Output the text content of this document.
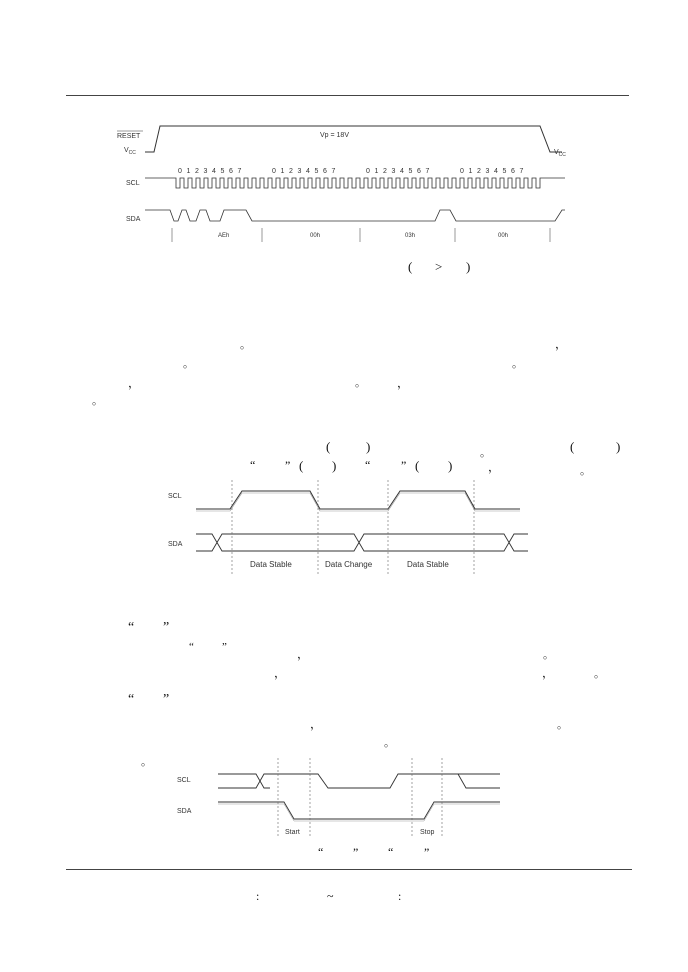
RESET
$V_{CC}$
Vp = 18V
$V_{CC}$
SCL
SDA
0 1 2 3 4 5 6 7	0 1 2 3 4 5 6 7	0 1 2 3 4 5 6 7	0 1 2 3 4 5 6 7
AEh	00h	03h	00h
( > )
。	，
。	。
，	。	，
。
(	)	。	(	)
“ ” ( ) “	” ( )	，	。
SCL
SDA
Data Stable	Data Change	Data Stable
“ ”
“	”	，	。
，	，	。
“ ”
，	。
。
。
SCL
SDA
Start	Stop
“ ” “	”
:	~	:
